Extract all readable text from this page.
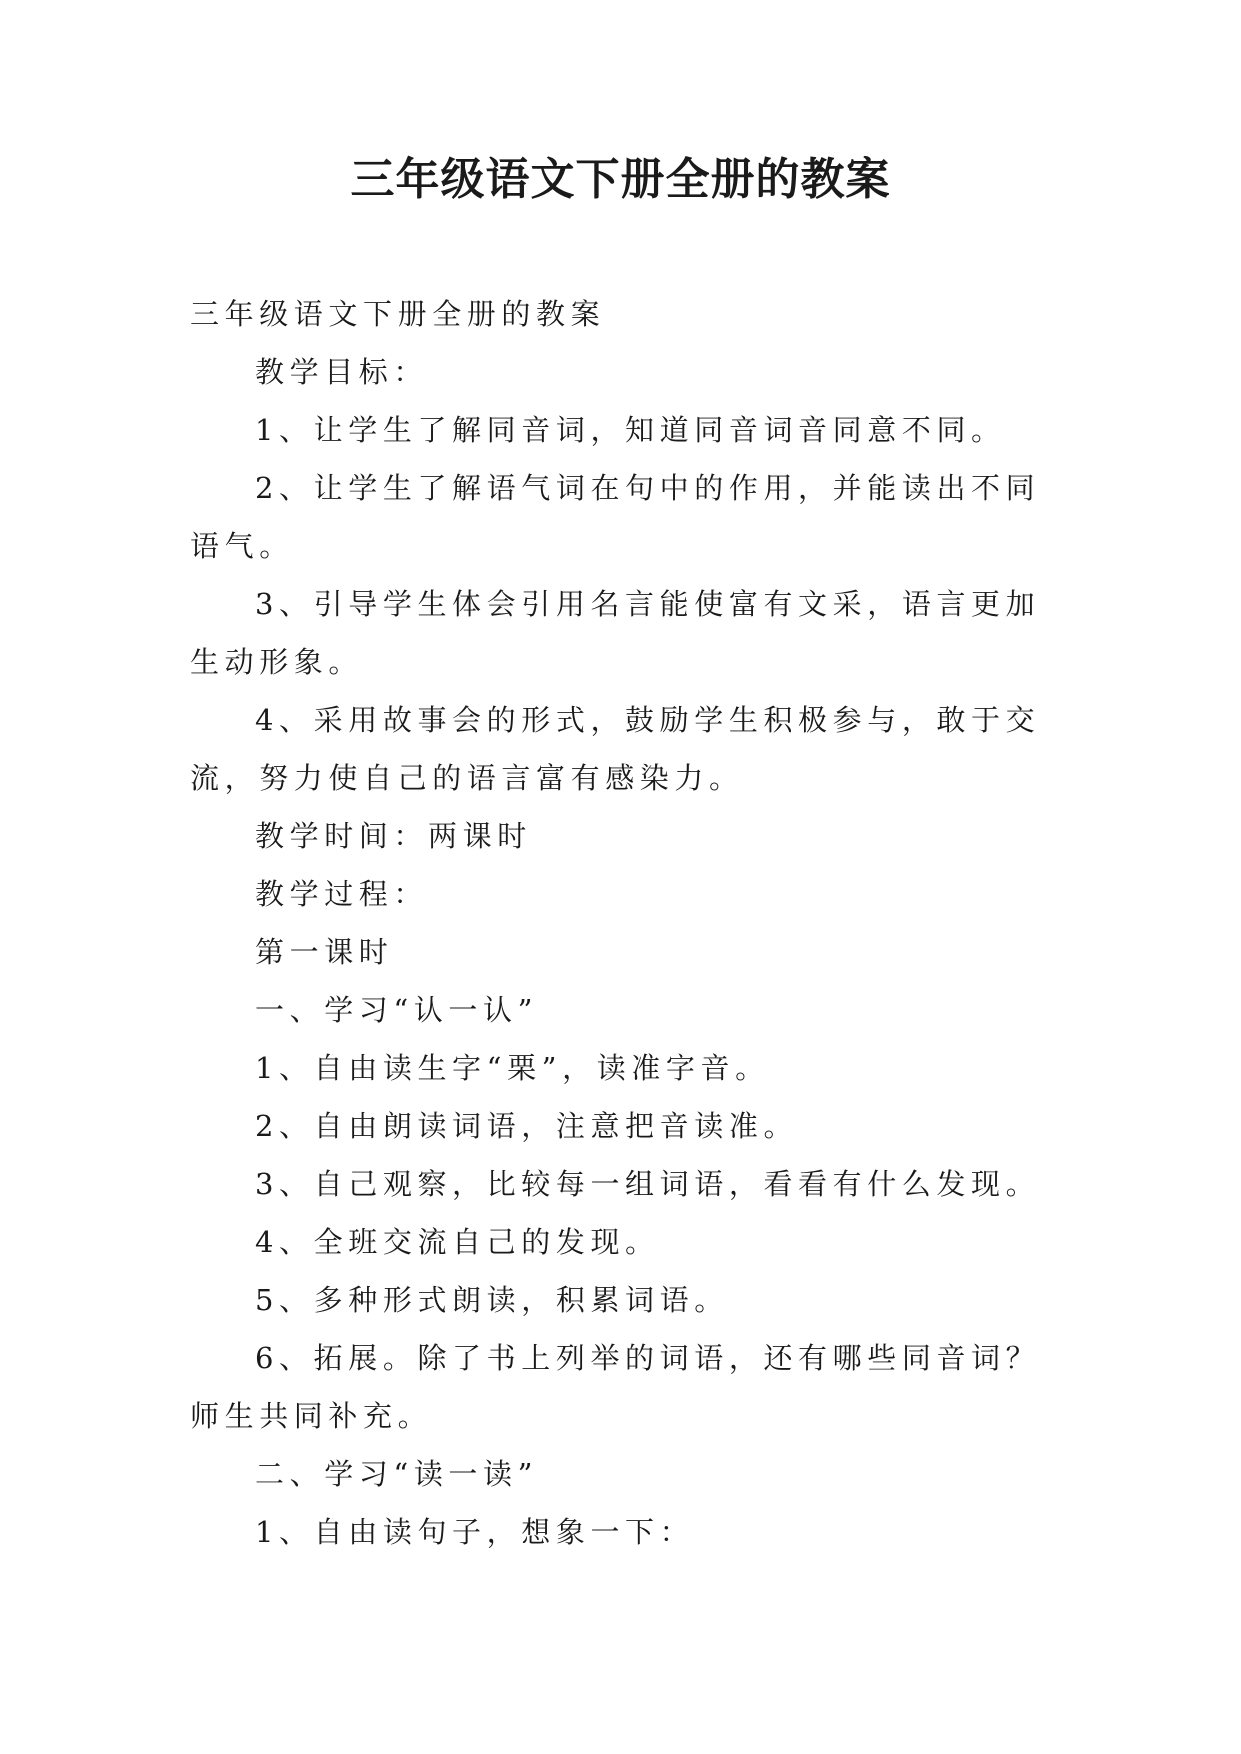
三年级语文下册全册的教案

三年级语文下册全册的教案

教学目标：

1、让学生了解同音词，知道同音词音同意不同。

2、让学生了解语气词在句中的作用，并能读出不同语气。

3、引导学生体会引用名言能使富有文采，语言更加生动形象。

4、采用故事会的形式，鼓励学生积极参与，敢于交流，努力使自己的语言富有感染力。

教学时间：两课时

教学过程：

第一课时

一、学习“认一认”

1、自由读生字“栗”，读准字音。

2、自由朗读词语，注意把音读准。

3、自己观察，比较每一组词语，看看有什么发现。

4、全班交流自己的发现。

5、多种形式朗读，积累词语。

6、拓展。除了书上列举的词语，还有哪些同音词？师生共同补充。

二、学习“读一读”

1、自由读句子，想象一下：
